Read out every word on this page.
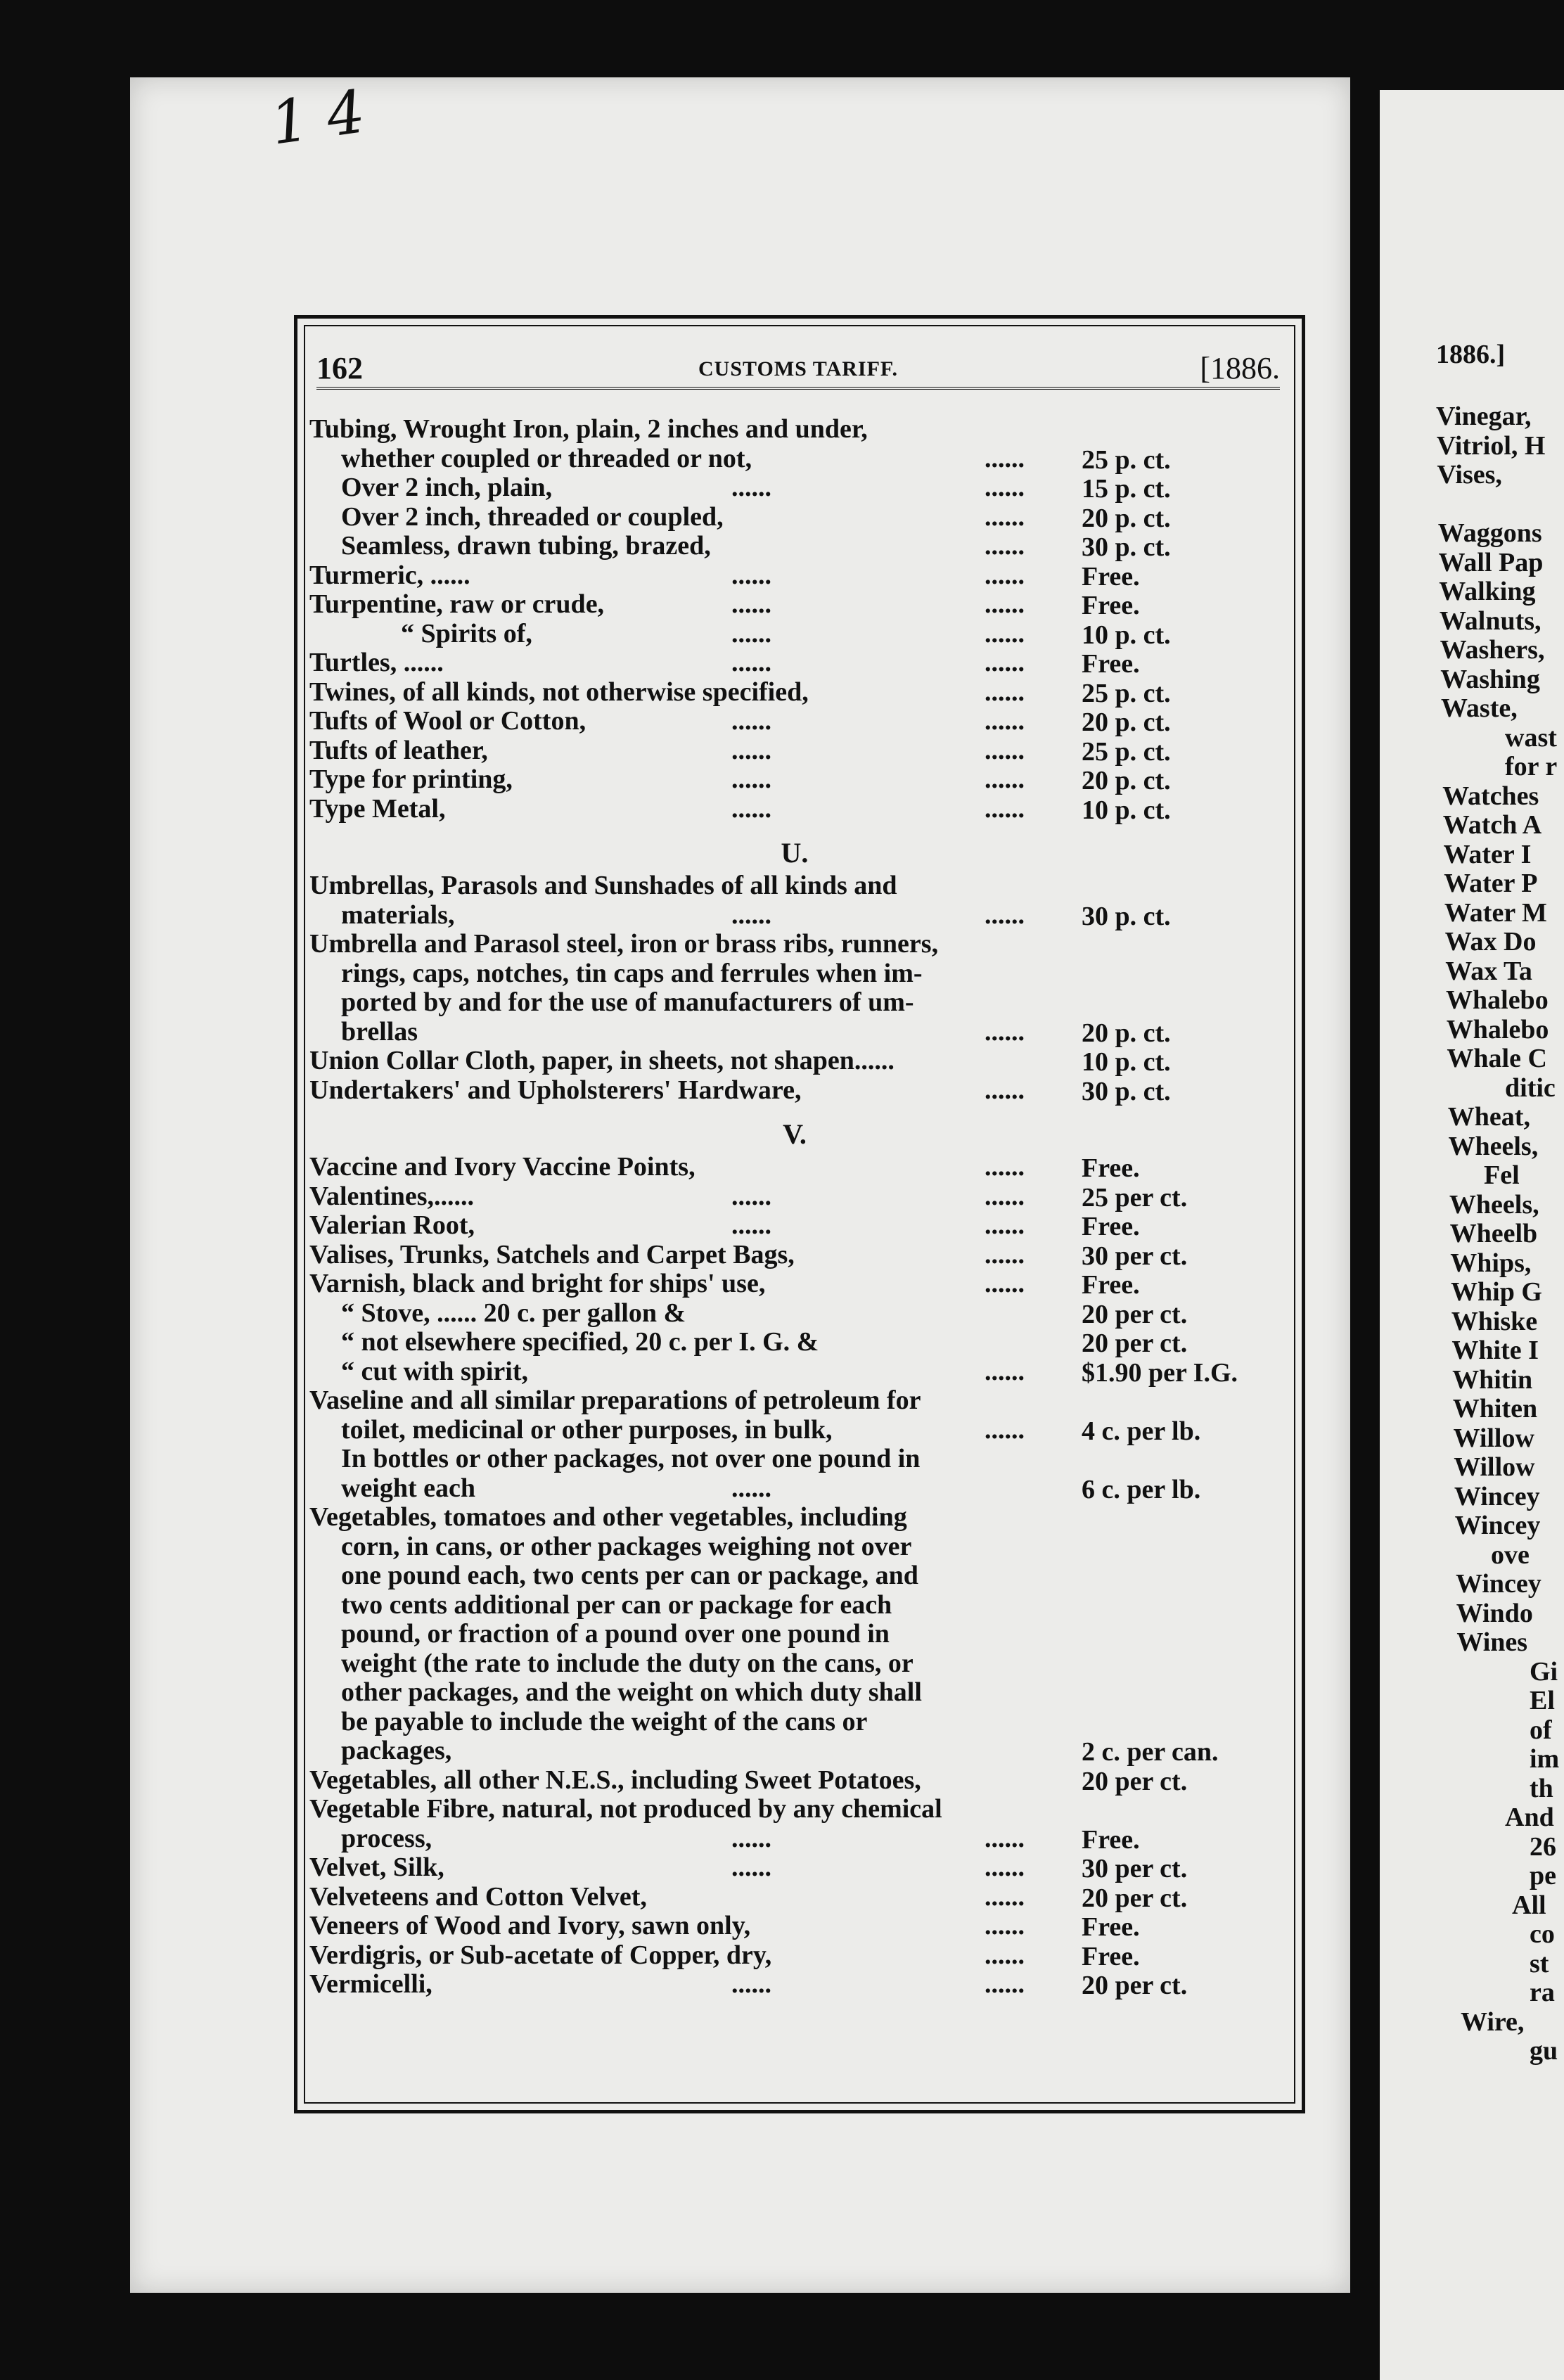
1 4
162	CUSTOMS TARIFF.	[1886.
Tubing, Wrought Iron, plain, 2 inches and under,
whether coupled or threaded or not,	...... 25 p. ct.
Over 2 inch, plain,	......	...... 15 p. ct.
Over 2 inch, threaded or coupled,	...... 20 p. ct.
Seamless, drawn tubing, brazed,	...... 30 p. ct.
Turmeric, ......	......	...... Free.
Turpentine, raw or crude,	......	...... Free.
“ Spirits of,	......	...... 10 p. ct.
Turtles, ......	......	...... Free.
Twines, of all kinds, not otherwise specified,	...... 25 p. ct.
Tufts of Wool or Cotton,	......	...... 20 p. ct.
Tufts of leather,	......	...... 25 p. ct.
Type for printing,	......	...... 20 p. ct.
Type Metal,	......	...... 10 p. ct.
U.
Umbrellas, Parasols and Sunshades of all kinds and
materials,	......	...... 30 p. ct.
Umbrella and Parasol steel, iron or brass ribs, runners,
rings, caps, notches, tin caps and ferrules when im-
ported by and for the use of manufacturers of um-
brellas	...... 20 p. ct.
Union Collar Cloth, paper, in sheets, not shapen......	10 p. ct.
Undertakers' and Upholsterers' Hardware,	...... 30 p. ct.
V.
Vaccine and Ivory Vaccine Points,	...... Free.
Valentines,......	......	...... 25 per ct.
Valerian Root,	......	...... Free.
Valises, Trunks, Satchels and Carpet Bags,	...... 30 per ct.
Varnish, black and bright for ships' use,	...... Free.
“ Stove, ...... 20 c. per gallon &	20 per ct.
“ not elsewhere specified, 20 c. per I. G. &	20 per ct.
“ cut with spirit,	...... $1.90 per I.G.
Vaseline and all similar preparations of petroleum for
toilet, medicinal or other purposes, in bulk,	...... 4 c. per lb.
In bottles or other packages, not over one pound in
weight each	......	6 c. per lb.
Vegetables, tomatoes and other vegetables, including
corn, in cans, or other packages weighing not over
one pound each, two cents per can or package, and
two cents additional per can or package for each
pound, or fraction of a pound over one pound in
weight (the rate to include the duty on the cans, or
other packages, and the weight on which duty shall
be payable to include the weight of the cans or
packages,	2 c. per can.
Vegetables, all other N.E.S., including Sweet Potatoes,	20 per ct.
Vegetable Fibre, natural, not produced by any chemical
process,	......	...... Free.
Velvet, Silk,	......	...... 30 per ct.
Velveteens and Cotton Velvet,	...... 20 per ct.
Veneers of Wood and Ivory, sawn only,	...... Free.
Verdigris, or Sub-acetate of Copper, dry,	...... Free.
Vermicelli,	......	...... 20 per ct.
Vinegar,
Vitriol, H
Vises,
Waggons
Wall Pap
Walking
Walnuts,
Washers,
Washing
Waste,
wast
for r
Watches
Watch A
Water I
Water P
Water M
Wax Do
Wax Ta
Whalebo
Whalebo
Whale C
ditic
Wheat,
Wheels,
Fel
Wheels,
Wheelb
Whips,
Whip G
Whiske
White I
Whitin
Whiten
Willow
Willow
Wincey
Wincey
ove
Wincey
Windo
Wines
Gi
El
of
im
th
And
26
pe
All
co
st
ra
Wire,
gu
1886.]
